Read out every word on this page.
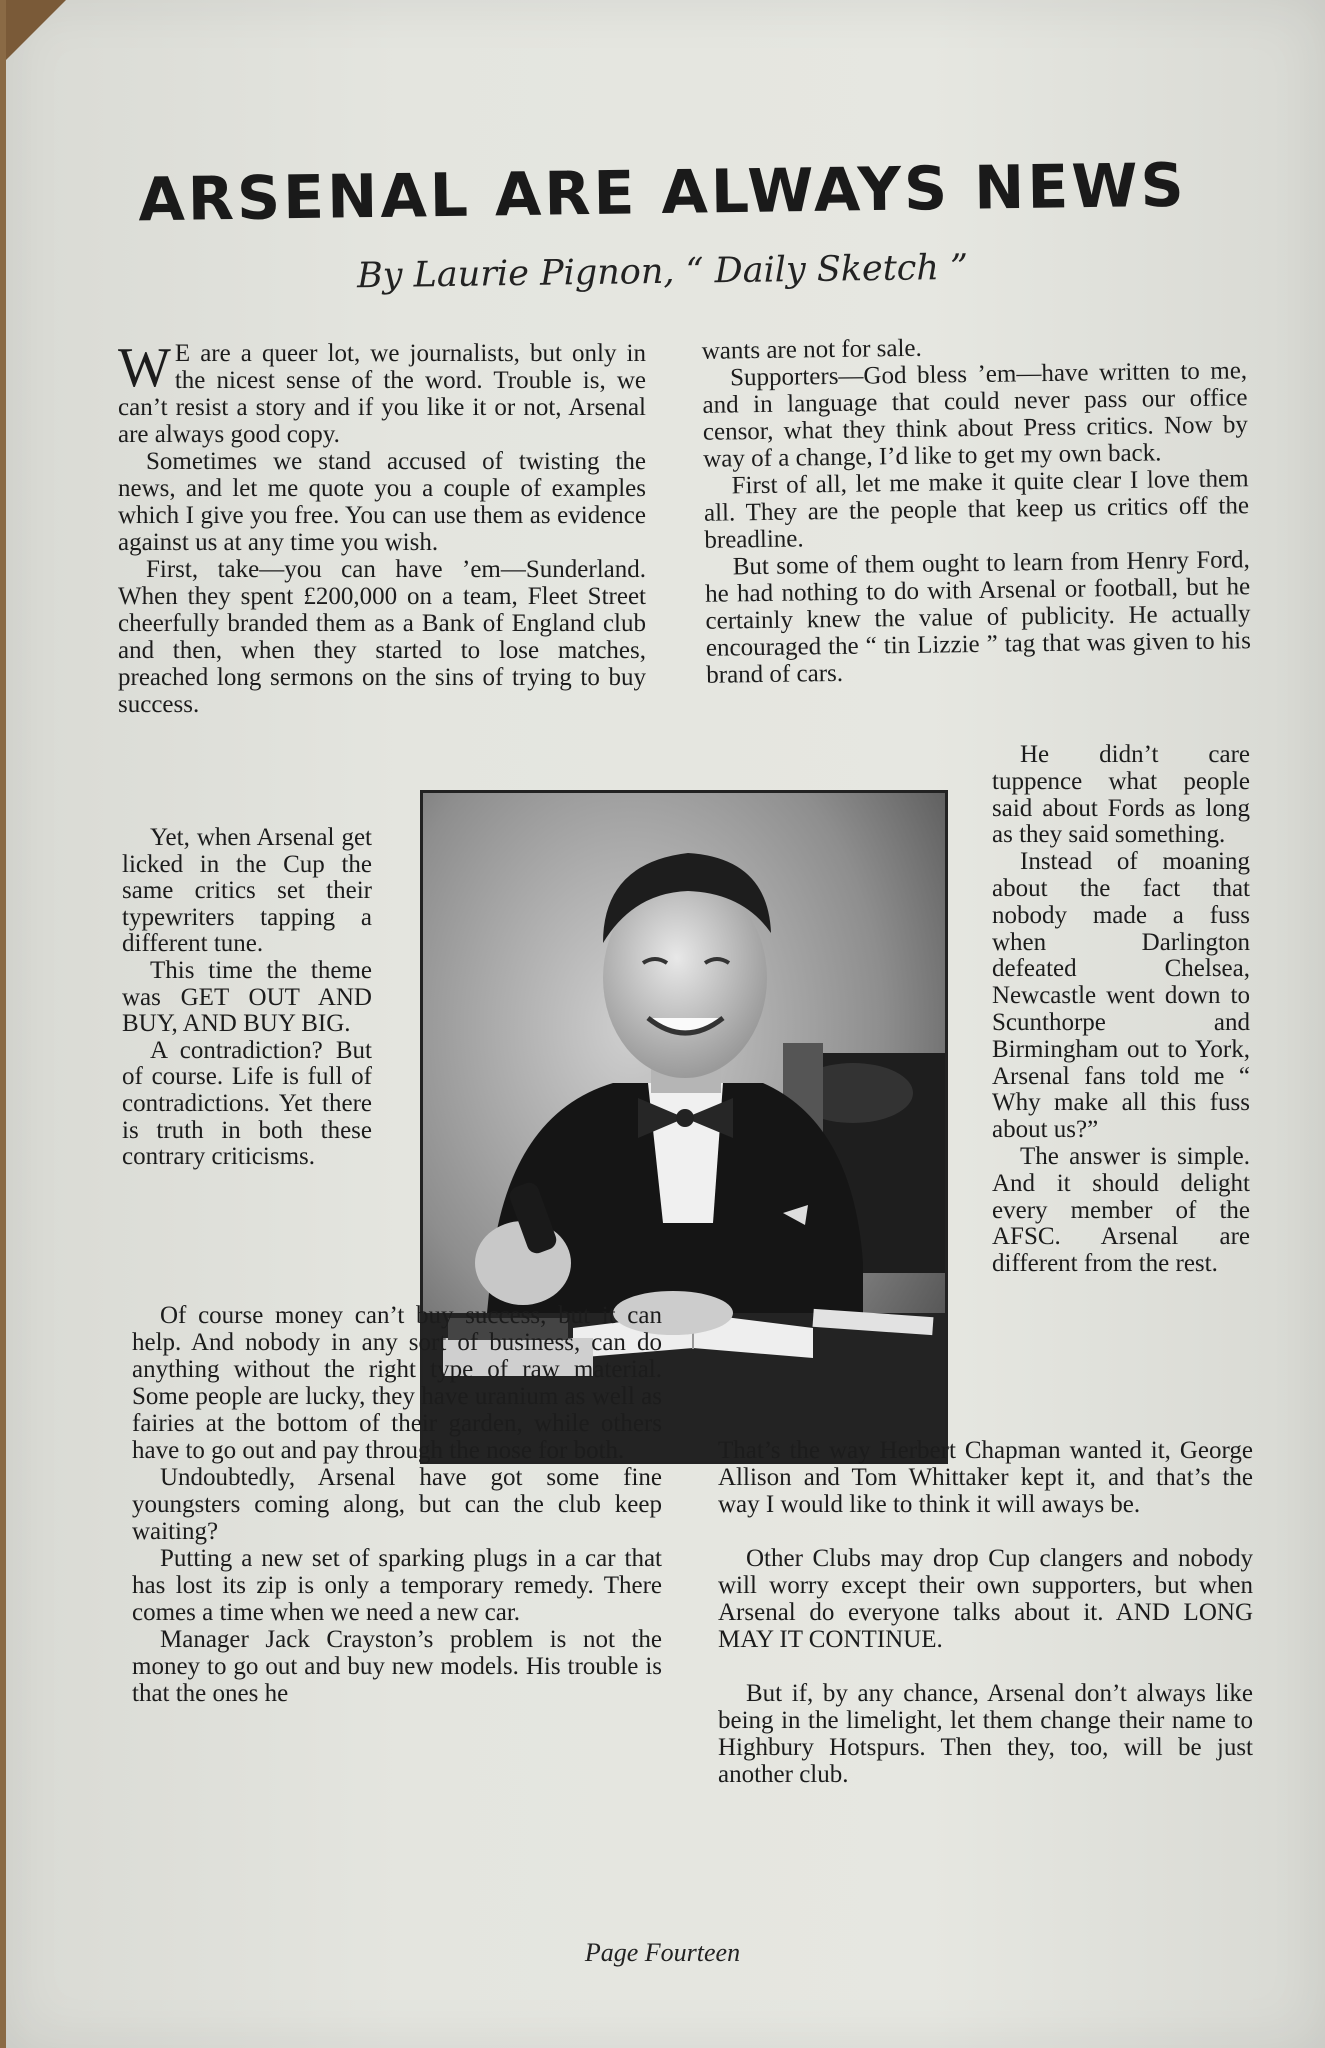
ARSENAL ARE ALWAYS NEWS
By Laurie Pignon, “ Daily Sketch ”

W E are a queer lot, we journalists, but only in the nicest sense of the word. Trouble is, we can’t resist a story and if you like it or not, Arsenal are always good copy.

Sometimes we stand accused of twisting the news, and let me quote you a couple of examples which I give you free. You can use them as evidence against us at any time you wish.

First, take—you can have ’em—Sunderland. When they spent £200,000 on a team, Fleet Street cheerfully branded them as a Bank of England club and then, when they started to lose matches, preached long sermons on the sins of trying to buy success.

Yet, when Arsenal get licked in the Cup the same critics set their typewriters tapping a different tune.

This time the theme was GET OUT AND BUY, AND BUY BIG.

A contradiction? But of course. Life is full of contradictions. Yet there is truth in both these contrary criticisms.

Of course money can’t buy success, but it can help. And nobody in any sort of business, can do anything without the right type of raw material. Some people are lucky, they have uranium as well as fairies at the bottom of their garden, while others have to go out and pay through the nose for both.

Undoubtedly, Arsenal have got some fine youngsters coming along, but can the club keep waiting?

Putting a new set of sparking plugs in a car that has lost its zip is only a temporary remedy. There comes a time when we need a new car.

Manager Jack Crayston’s problem is not the money to go out and buy new models. His trouble is that the ones he

wants are not for sale.

Supporters—God bless ’em—have written to me, and in language that could never pass our office censor, what they think about Press critics. Now by way of a change, I’d like to get my own back.

First of all, let me make it quite clear I love them all. They are the people that keep us critics off the breadline.

But some of them ought to learn from Henry Ford, he had nothing to do with Arsenal or football, but he certainly knew the value of publicity. He actually encouraged the “ tin Lizzie ” tag that was given to his brand of cars.

He didn’t care tuppence what people said about Fords as long as they said something.

Instead of moaning about the fact that nobody made a fuss when Darlington defeated Chelsea, Newcastle went down to Scunthorpe and Birmingham out to York, Arsenal fans told me “ Why make all this fuss about us?”

The answer is simple. And it should delight every member of the AFSC. Arsenal are different from the rest.

That’s the way Herbert Chapman wanted it, George Allison and Tom Whittaker kept it, and that’s the way I would like to think it will aways be.

Other Clubs may drop Cup clangers and nobody will worry except their own supporters, but when Arsenal do everyone talks about it. AND LONG MAY IT CONTINUE.

But if, by any chance, Arsenal don’t always like being in the limelight, let them change their name to Highbury Hotspurs. Then they, too, will be just another club.

Page Fourteen
